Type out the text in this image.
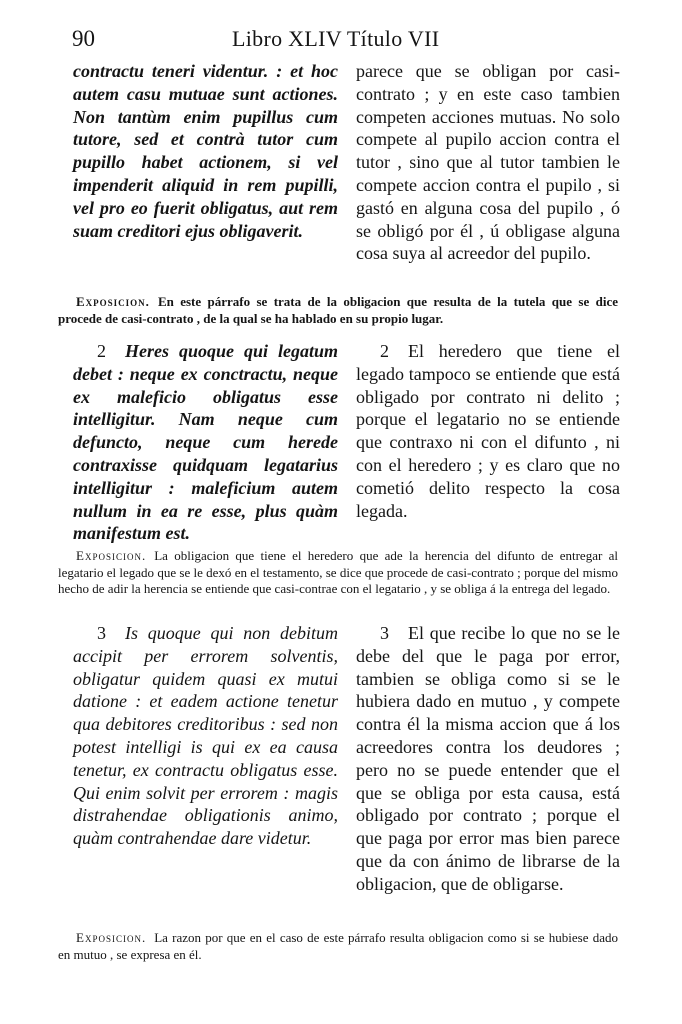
90	Libro XLIV Título VII

contractu teneri videntur. : et hoc autem casu mutuae sunt actiones. Non tantùm enim pupillus cum tutore, sed et contrà tutor cum pupillo habet actionem, si vel impenderit aliquid in rem pupilli, vel pro eo fuerit obligatus, aut rem suam creditori ejus obligaverit.

parece que se obligan por casi-contrato ; y en este caso tambien competen acciones mutuas. No solo compete al pupilo accion contra el tutor , sino que al tutor tambien le compete accion contra el pupilo , si gastó en alguna cosa del pupilo , ó se obligó por él , ú obligase alguna cosa suya al acreedor del pupilo.

Exposicion. En este párrafo se trata de la obligacion que resulta de la tutela que se dice procede de casi-contrato , de la qual se ha hablado en su propio lugar.

2 Heres quoque qui legatum debet : neque ex conctractu, neque ex maleficio obligatus esse intelligitur. Nam neque cum defuncto, neque cum herede contraxisse quidquam legatarius intelligitur : maleficium autem nullum in ea re esse, plus quàm manifestum est.

2 El heredero que tiene el legado tampoco se entiende que está obligado por contrato ni delito ; porque el legatario no se entiende que contraxo ni con el difunto , ni con el heredero ; y es claro que no cometió delito respecto la cosa legada.

Exposicion. La obligacion que tiene el heredero que ade la herencia del difunto de entregar al legatario el legado que se le dexó en el testamento, se dice que procede de casi-contrato ; porque del mismo hecho de adir la herencia se entiende que casi-contrae con el legatario , y se obliga á la entrega del legado.

3 Is quoque qui non debitum accipit per errorem solventis, obligatur quidem quasi ex mutui datione : et eadem actione tenetur qua debitores creditoribus : sed non potest intelligi is qui ex ea causa tenetur, ex contractu obligatus esse. Qui enim solvit per errorem : magis distrahendae obligationis animo, quàm contrahendae dare videtur.

3 El que recibe lo que no se le debe del que le paga por error, tambien se obliga como si se le hubiera dado en mutuo , y compete contra él la misma accion que á los acreedores contra los deudores ; pero no se puede entender que el que se obliga por esta causa, está obligado por contrato ; porque el que paga por error mas bien parece que da con ánimo de librarse de la obligacion, que de obligarse.

Exposicion. La razon por que en el caso de este párrafo resulta obligacion como si se hubiese dado en mutuo , se expresa en él.
